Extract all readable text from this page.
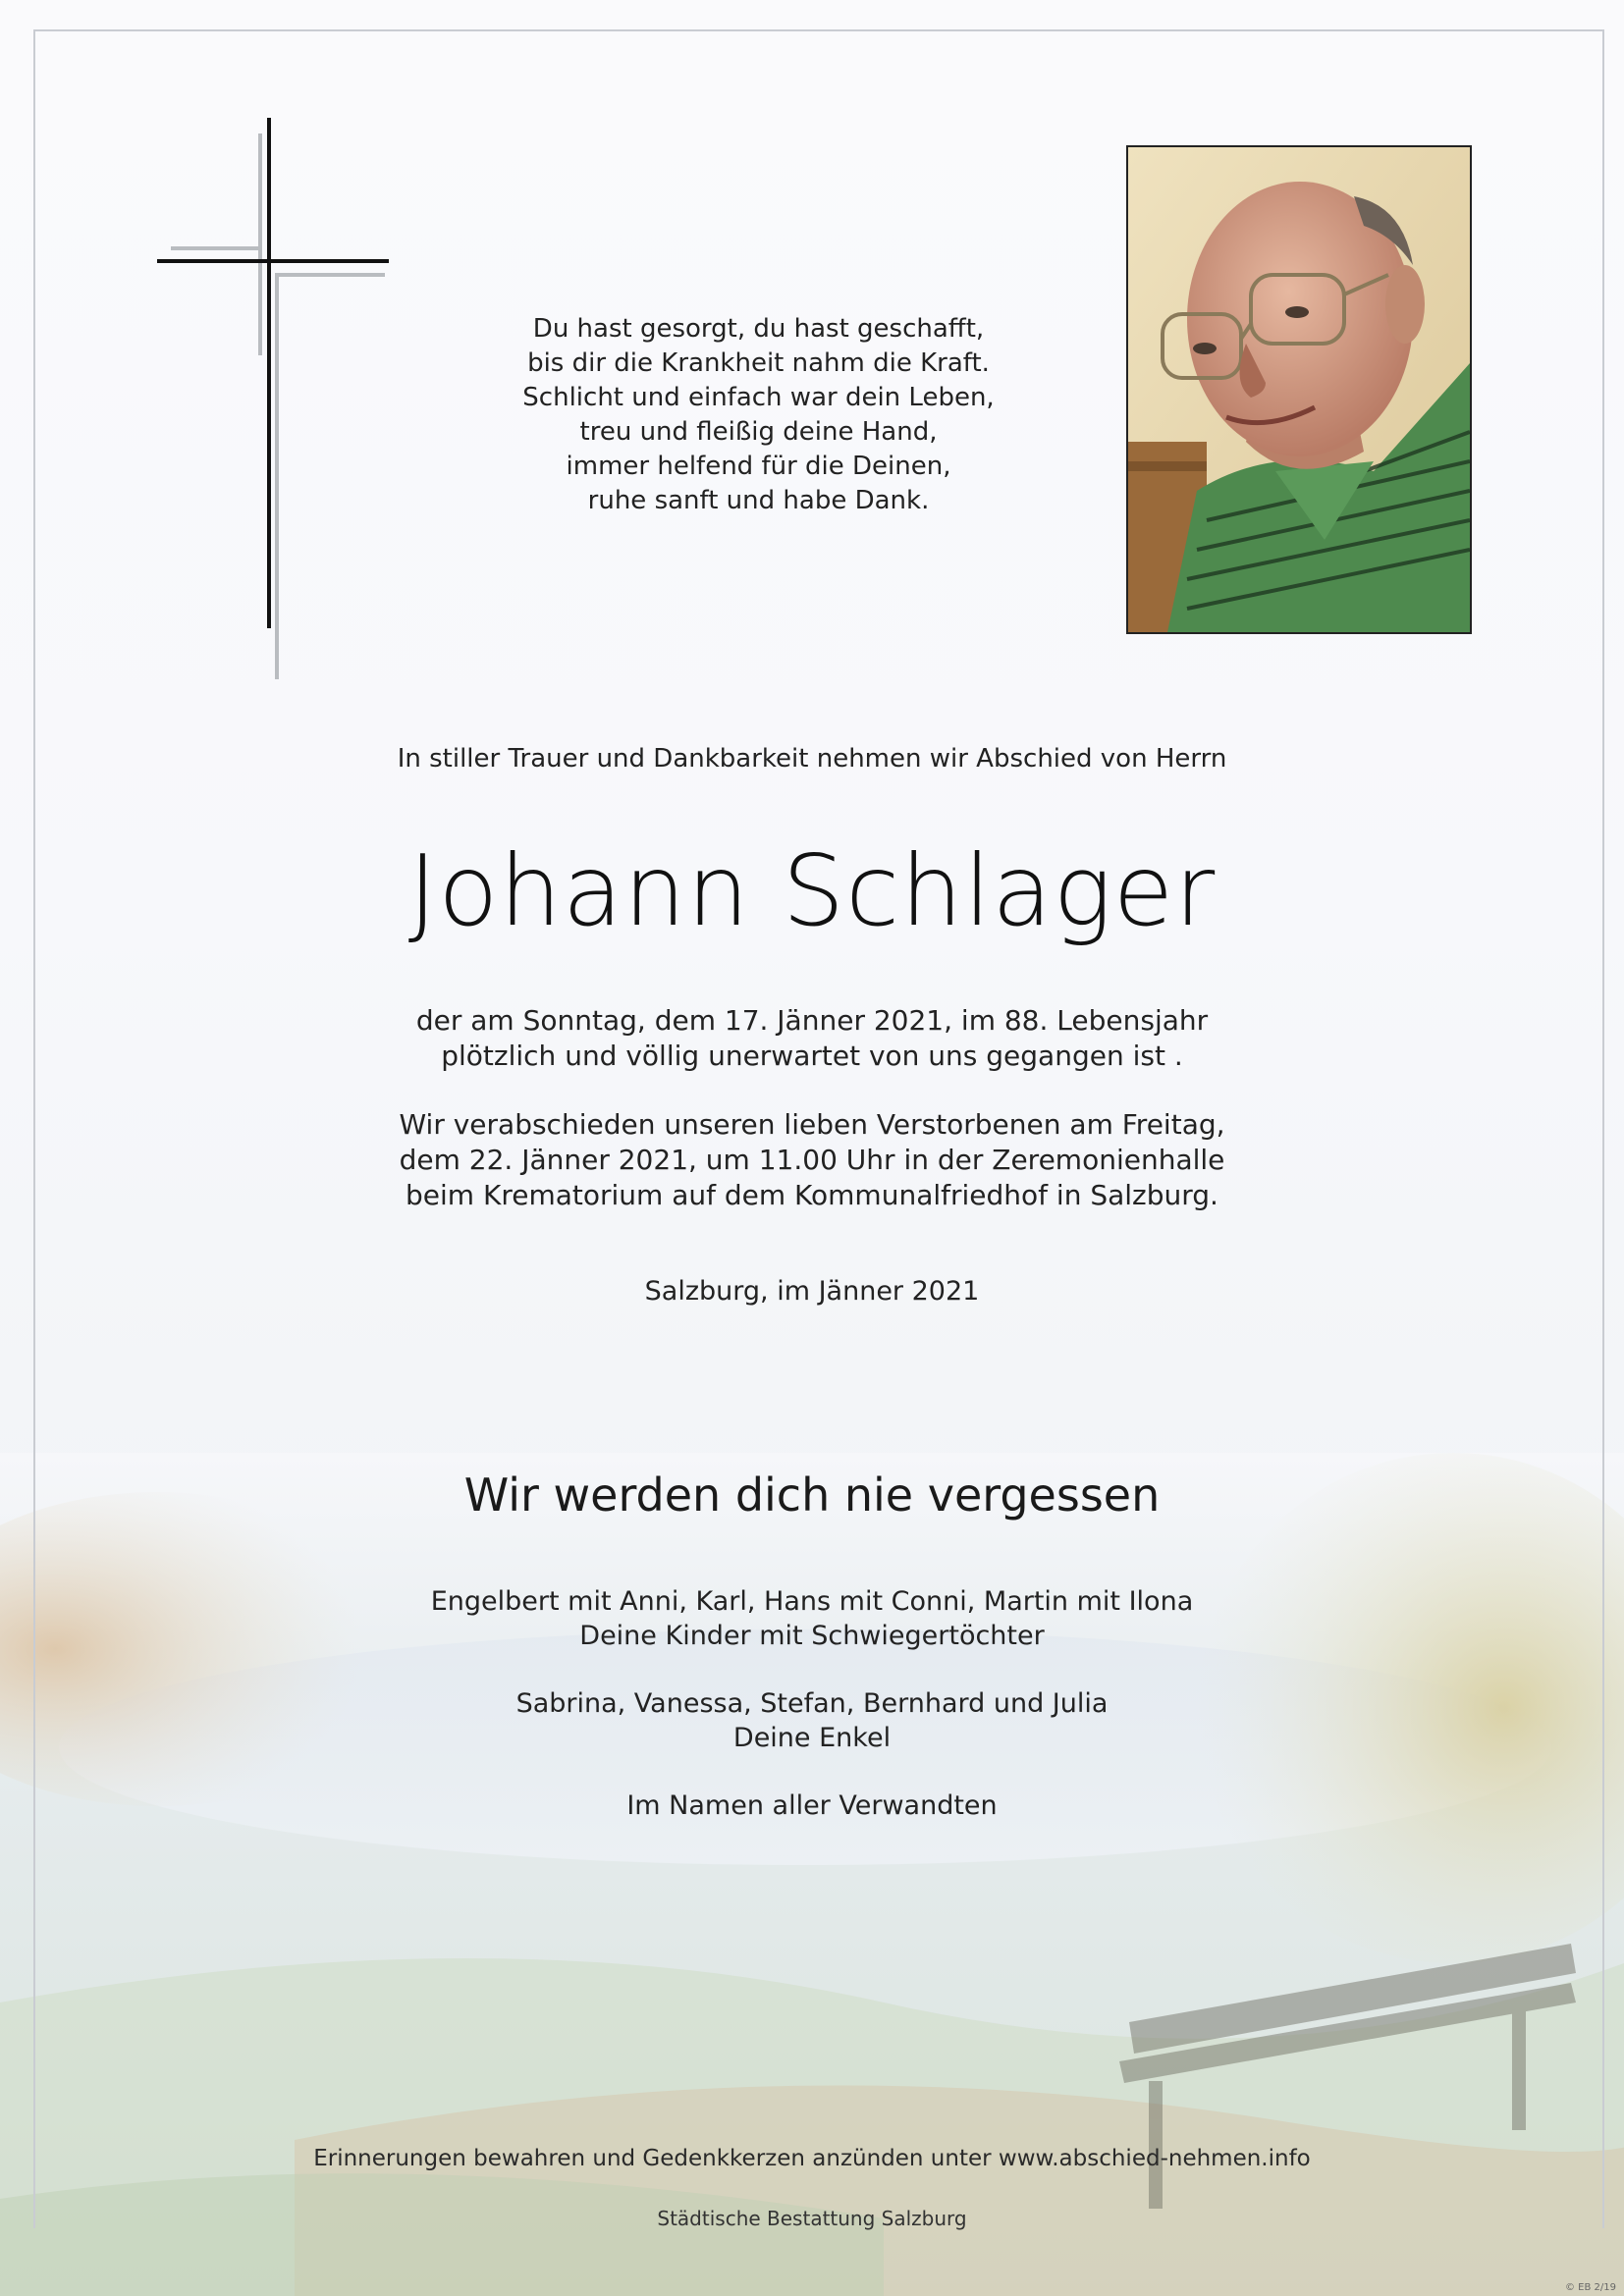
Du hast gesorgt, du hast geschafft,
bis dir die Krankheit nahm die Kraft.
Schlicht und einfach war dein Leben,
treu und fleißig deine Hand,
immer helfend für die Deinen,
ruhe sanft und habe Dank.
In stiller Trauer und Dankbarkeit nehmen wir Abschied von Herrn
Johann Schlager
der am Sonntag, dem 17. Jänner 2021, im 88. Lebensjahr
plötzlich und völlig unerwartet von uns gegangen ist .
Wir verabschieden unseren lieben Verstorbenen am Freitag,
dem 22. Jänner 2021, um 11.00 Uhr in der Zeremonienhalle
beim Krematorium auf dem Kommunalfriedhof in Salzburg.
Salzburg, im Jänner 2021
Wir werden dich nie vergessen
Engelbert mit Anni, Karl, Hans mit Conni, Martin mit Ilona
Deine Kinder mit Schwiegertöchter
Sabrina, Vanessa, Stefan, Bernhard und Julia
Deine Enkel
Im Namen aller Verwandten
Erinnerungen bewahren und Gedenkkerzen anzünden unter www.abschied-nehmen.info
Städtische Bestattung Salzburg
© EB 2/19
